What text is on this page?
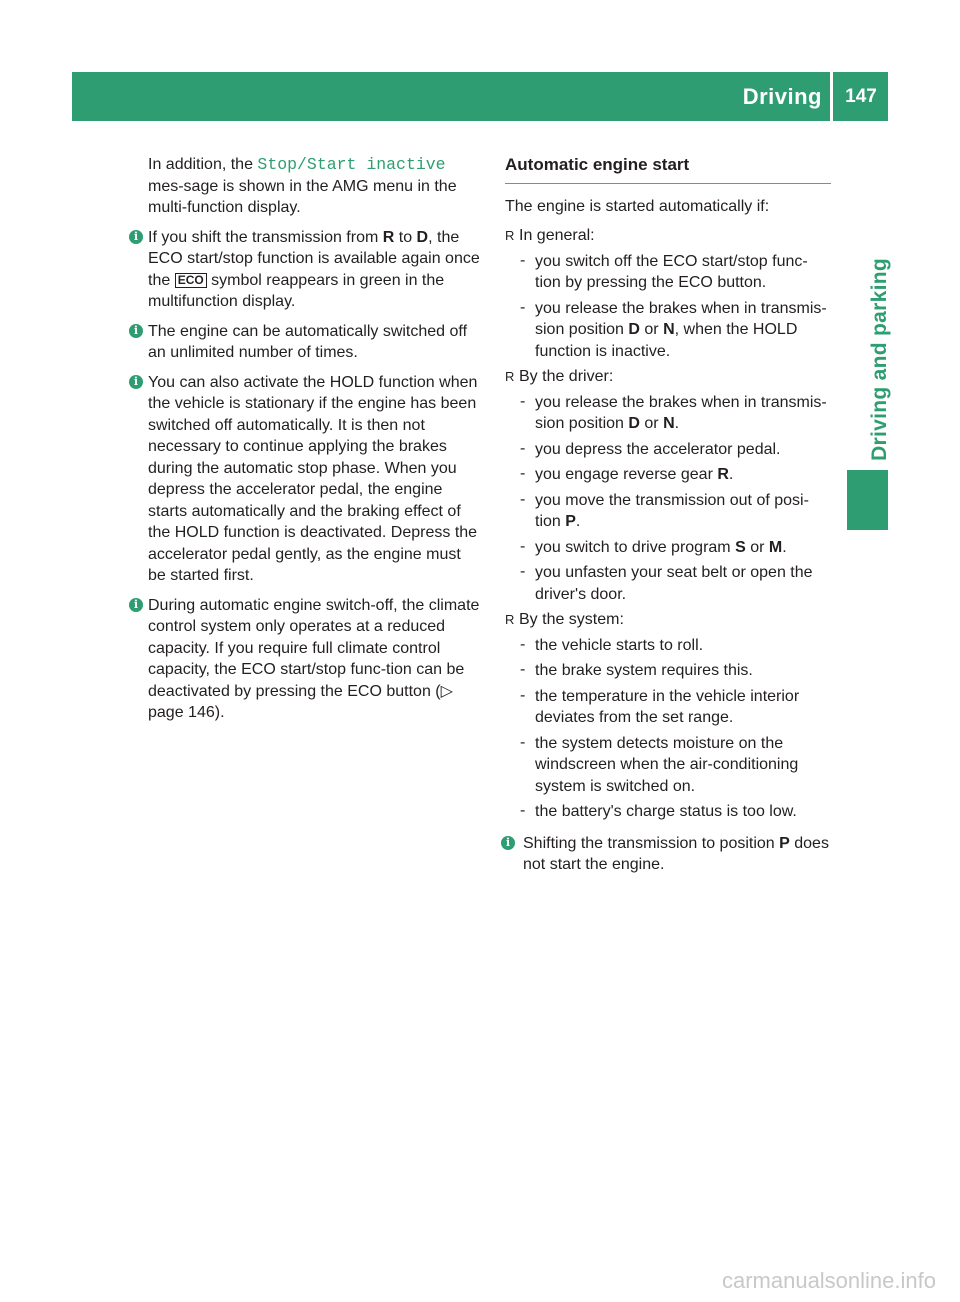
Driving	147
Driving and parking

In addition, the Stop/Start inactive mes-sage is shown in the AMG menu in the multi-function display.

i If you shift the transmission from R to D, the ECO start/stop function is available again once the ECO symbol reappears in green in the multifunction display.
i The engine can be automatically switched off an unlimited number of times.
i You can also activate the HOLD function when the vehicle is stationary if the engine has been switched off automatically. It is then not necessary to continue applying the brakes during the automatic stop phase. When you depress the accelerator pedal, the engine starts automatically and the braking effect of the HOLD function is deactivated. Depress the accelerator pedal gently, as the engine must be started first.
i During automatic engine switch-off, the climate control system only operates at a reduced capacity. If you require full climate control capacity, the ECO start/stop func-tion can be deactivated by pressing the ECO button (▷ page 146).
Automatic engine start

The engine is started automatically if:

R In general:
- you switch off the ECO start/stop func-tion by pressing the ECO button.
- you release the brakes when in transmis-sion position D or N, when the HOLD function is inactive.
R By the driver:
- you release the brakes when in transmis-sion position D or N.
- you depress the accelerator pedal.
- you engage reverse gear R.
- you move the transmission out of posi-tion P.
- you switch to drive program S or M.
- you unfasten your seat belt or open the driver's door.
R By the system:
- the vehicle starts to roll.
- the brake system requires this.
- the temperature in the vehicle interior deviates from the set range.
- the system detects moisture on the windscreen when the air-conditioning system is switched on.
- the battery's charge status is too low.
i Shifting the transmission to position P does not start the engine.
carmanualsonline.info
